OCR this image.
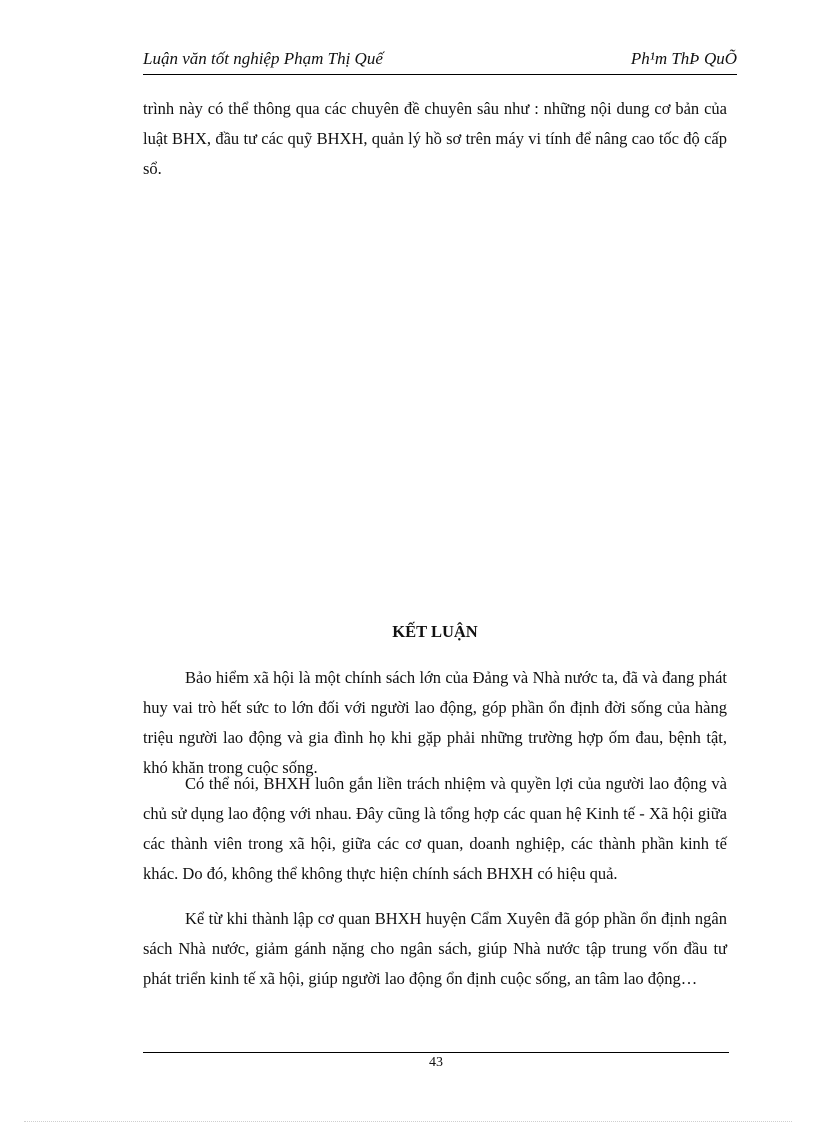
Luận văn tốt nghiệp Phạm Thị Quế	Ph¹m ThÞ QuÕ

trình này có thể thông qua các chuyên đề chuyên sâu như : những nội dung cơ bản của luật BHX, đầu tư các quỹ BHXH, quản lý hồ sơ trên máy vi tính để nâng cao tốc độ cấp sổ.

KẾT LUẬN

Bảo hiểm xã hội là một chính sách lớn của Đảng và Nhà nước ta, đã và đang phát huy vai trò hết sức to lớn đối với người lao động, góp phần ổn định đời sống của hàng triệu người lao động và gia đình họ khi gặp phải những trường hợp ốm đau, bệnh tật, khó khăn trong cuộc sống.

Có thể nói, BHXH luôn gắn liền trách nhiệm và quyền lợi của người lao động và chủ sử dụng lao động với nhau. Đây cũng là tổng hợp các quan hệ Kinh tế - Xã hội giữa các thành viên trong xã hội, giữa các cơ quan, doanh nghiệp, các thành phần kinh tế khác. Do đó, không thể không thực hiện chính sách BHXH có hiệu quả.

Kể từ khi thành lập cơ quan BHXH huyện Cẩm Xuyên đã góp phần ổn định ngân sách Nhà nước, giảm gánh nặng cho ngân sách, giúp Nhà nước tập trung vốn đầu tư phát triển kinh tế xã hội, giúp người lao động ổn định cuộc sống, an tâm lao động…

43
